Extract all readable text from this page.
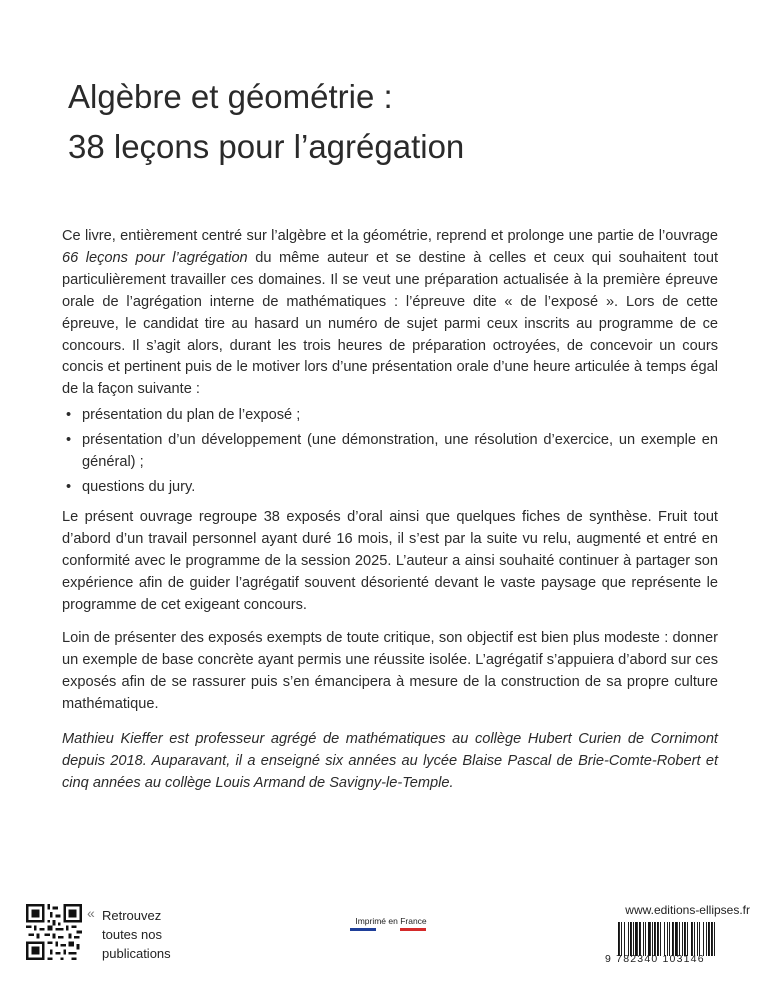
Algèbre et géométrie :
38 leçons pour l’agrégation

Ce livre, entièrement centré sur l’algèbre et la géométrie, reprend et prolonge une partie de l’ouvrage 66 leçons pour l’agrégation du même auteur et se destine à celles et ceux qui souhaitent tout particulièrement travailler ces domaines. Il se veut une préparation actualisée à la première épreuve orale de l’agrégation interne de mathématiques : l’épreuve dite « de l’exposé ». Lors de cette épreuve, le candidat tire au hasard un numéro de sujet parmi ceux inscrits au programme de ce concours. Il s’agit alors, durant les trois heures de préparation octroyées, de concevoir un cours concis et pertinent puis de le motiver lors d’une présentation orale d’une heure articulée à temps égal de la façon suivante :

• présentation du plan de l’exposé ;
• présentation d’un développement (une démonstration, une résolution d’exercice, un exemple en général) ;
• questions du jury.

Le présent ouvrage regroupe 38 exposés d’oral ainsi que quelques fiches de synthèse. Fruit tout d’abord d’un travail personnel ayant duré 16 mois, il s’est par la suite vu relu, augmenté et entré en conformité avec le programme de la session 2025. L’auteur a ainsi souhaité continuer à partager son expérience afin de guider l’agrégatif souvent désorienté devant le vaste paysage que représente le programme de cet exigeant concours.

Loin de présenter des exposés exempts de toute critique, son objectif est bien plus modeste : donner un exemple de base concrète ayant permis une réussite isolée. L’agrégatif s’appuiera d’abord sur ces exposés afin de se rassurer puis s’en émancipera à mesure de la construction de sa propre culture mathématique.

Mathieu Kieffer est professeur agrégé de mathématiques au collège Hubert Curien de Cornimont depuis 2018. Auparavant, il a enseigné six années au lycée Blaise Pascal de Brie-Comte-Robert et cinq années au collège Louis Armand de Savigny-le-Temple.

« Retrouvez
toutes nos
publications
Imprimé en France
www.editions-ellipses.fr
9 782340 103146
